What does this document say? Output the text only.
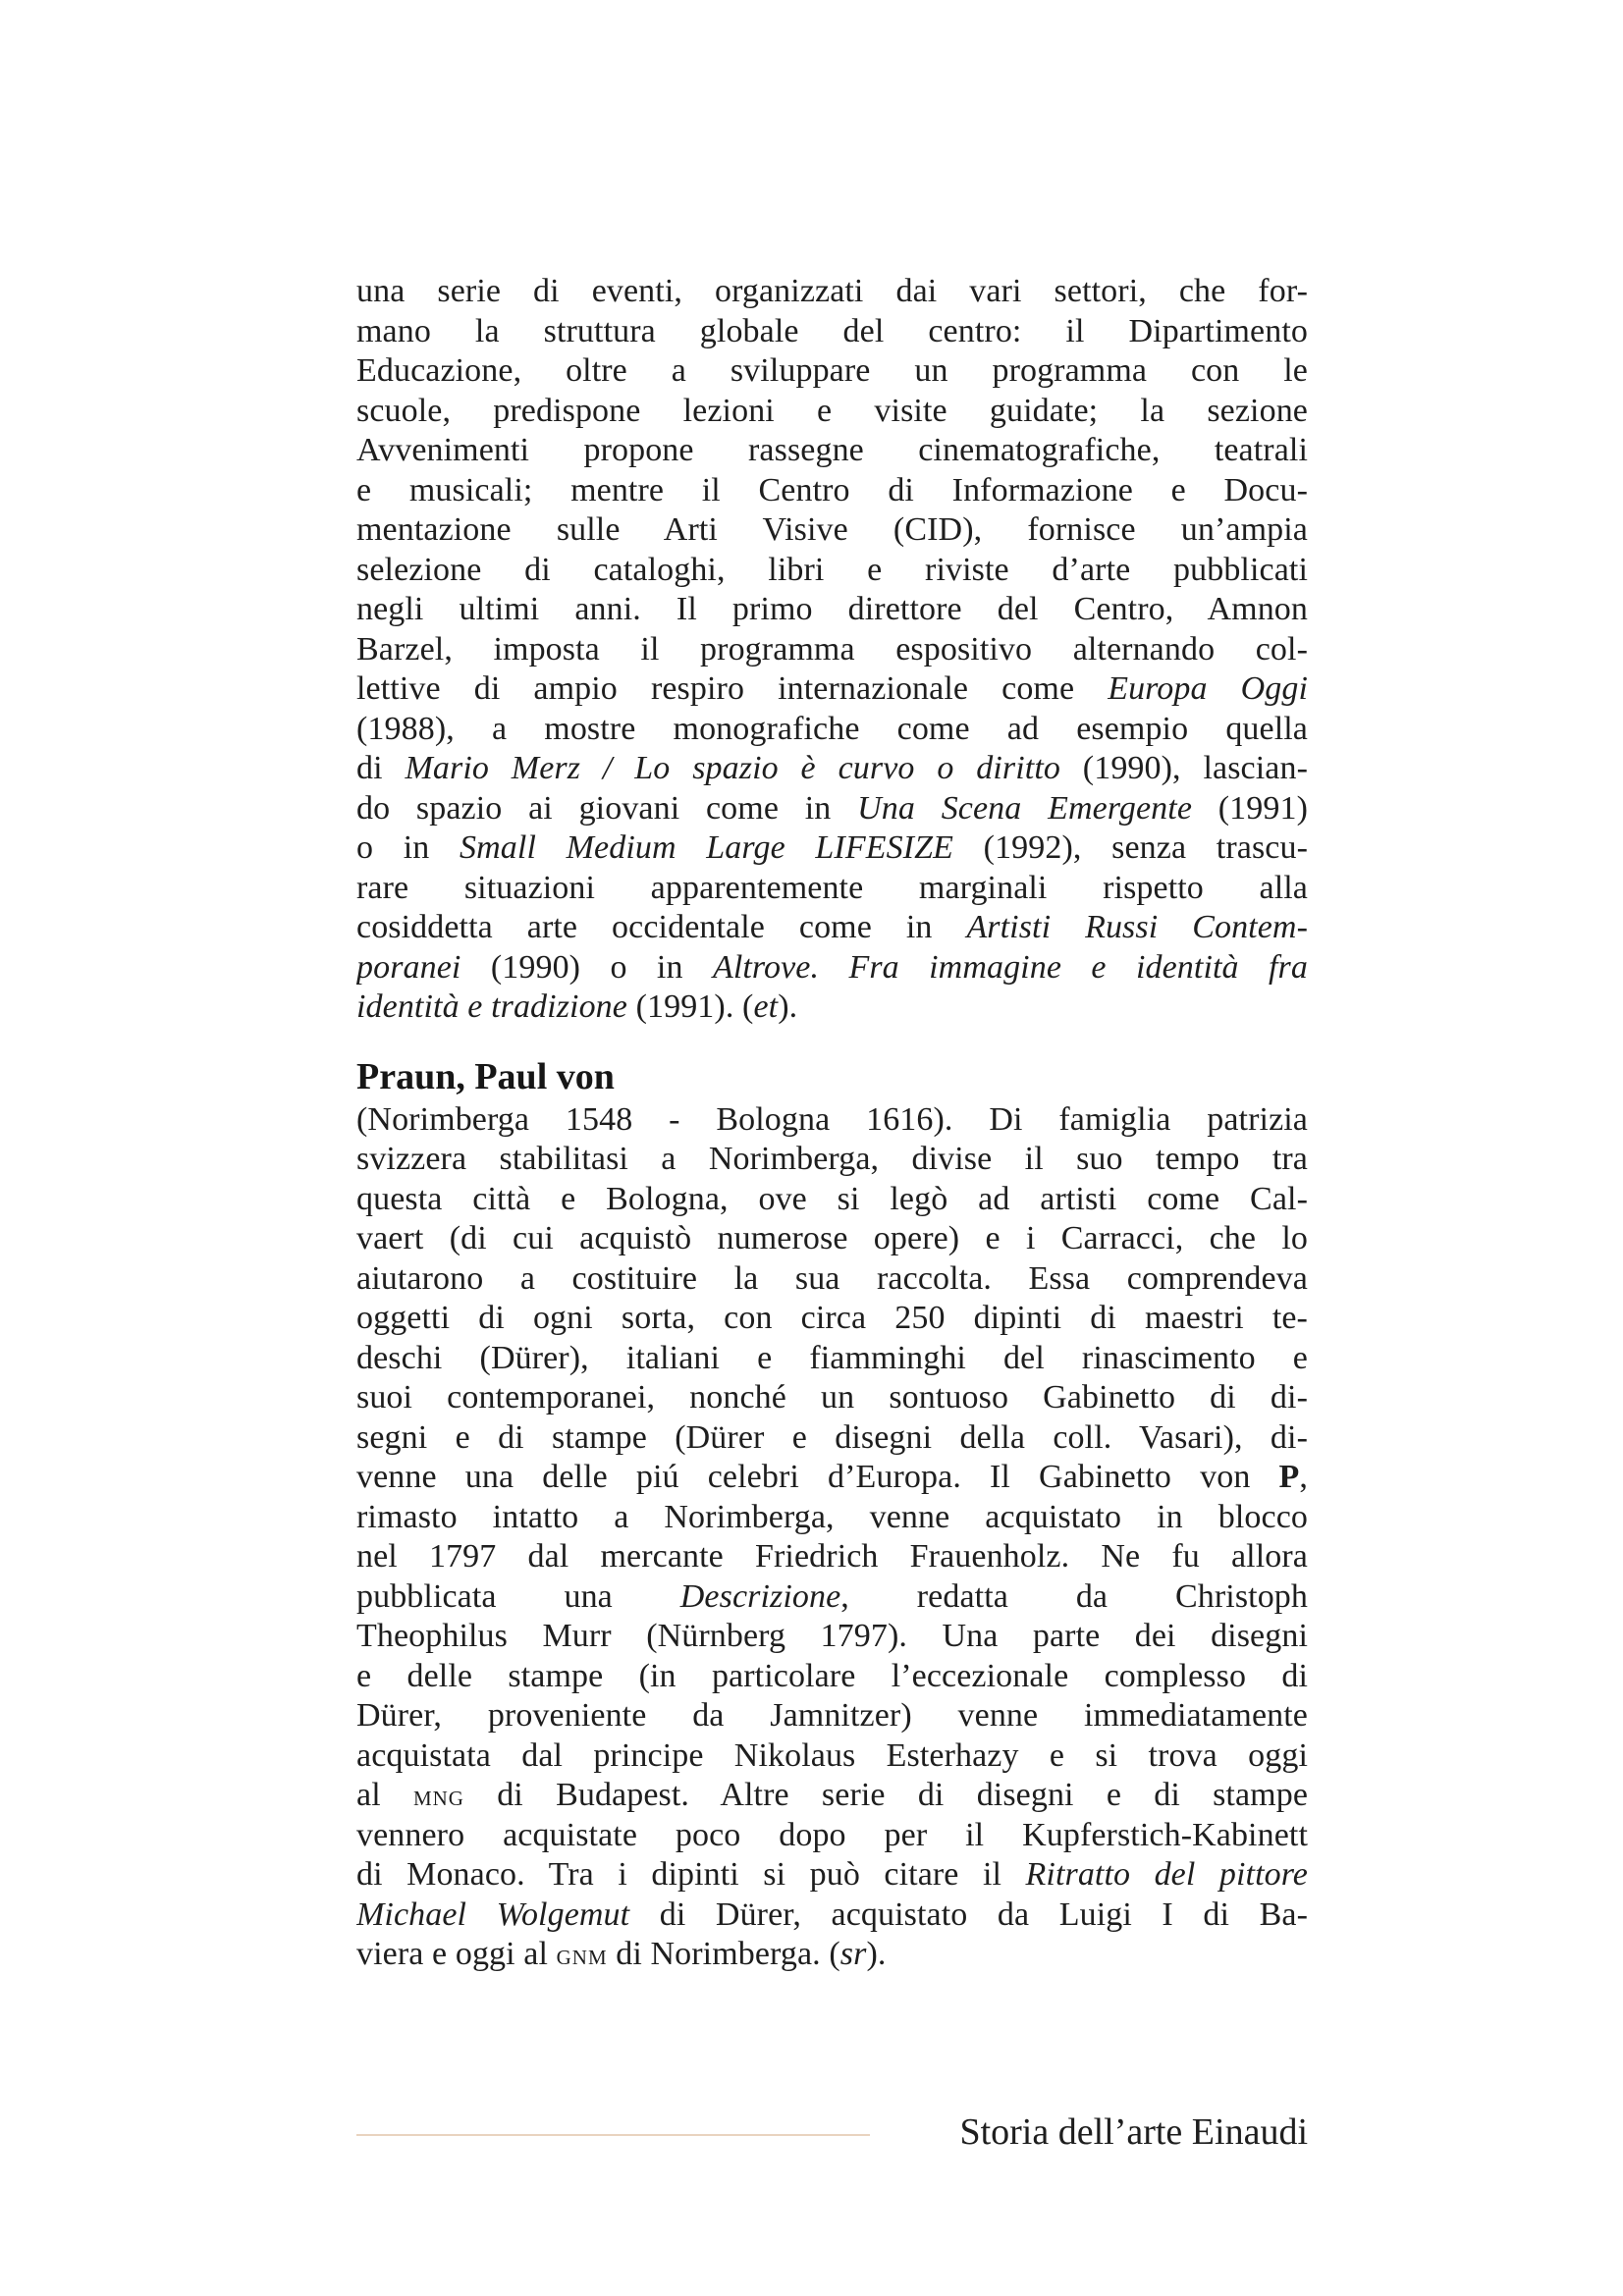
una serie di eventi, organizzati dai vari settori, che for-
mano la struttura globale del centro: il Dipartimento
Educazione, oltre a sviluppare un programma con le
scuole, predispone lezioni e visite guidate; la sezione
Avvenimenti propone rassegne cinematografiche, teatrali
e musicali; mentre il Centro di Informazione e Docu-
mentazione sulle Arti Visive (CID), fornisce un’ampia
selezione di cataloghi, libri e riviste d’arte pubblicati
negli ultimi anni. Il primo direttore del Centro, Amnon
Barzel, imposta il programma espositivo alternando col-
lettive di ampio respiro internazionale come Europa Oggi
(1988), a mostre monografiche come ad esempio quella
di Mario Merz / Lo spazio è curvo o diritto (1990), lascian-
do spazio ai giovani come in Una Scena Emergente (1991)
o in Small Medium Large LIFESIZE (1992), senza trascu-
rare situazioni apparentemente marginali rispetto alla
cosiddetta arte occidentale come in Artisti Russi Contem-
poranei (1990) o in Altrove. Fra immagine e identità fra
identità e tradizione (1991). (et).
Praun, Paul von
(Norimberga 1548 - Bologna 1616). Di famiglia patrizia
svizzera stabilitasi a Norimberga, divise il suo tempo tra
questa città e Bologna, ove si legò ad artisti come Cal-
vaert (di cui acquistò numerose opere) e i Carracci, che lo
aiutarono a costituire la sua raccolta. Essa comprendeva
oggetti di ogni sorta, con circa 250 dipinti di maestri te-
deschi (Dürer), italiani e fiamminghi del rinascimento e
suoi contemporanei, nonché un sontuoso Gabinetto di di-
segni e di stampe (Dürer e disegni della coll. Vasari), di-
venne una delle piú celebri d’Europa. Il Gabinetto von P,
rimasto intatto a Norimberga, venne acquistato in blocco
nel 1797 dal mercante Friedrich Frauenholz. Ne fu allora
pubblicata una Descrizione, redatta da Christoph
Theophilus Murr (Nürnberg 1797). Una parte dei disegni
e delle stampe (in particolare l’eccezionale complesso di
Dürer, proveniente da Jamnitzer) venne immediatamente
acquistata dal principe Nikolaus Esterhazy e si trova oggi
al mng di Budapest. Altre serie di disegni e di stampe
vennero acquistate poco dopo per il Kupferstich-Kabinett
di Monaco. Tra i dipinti si può citare il Ritratto del pittore
Michael Wolgemut di Dürer, acquistato da Luigi I di Ba-
viera e oggi al gnm di Norimberga. (sr).
Storia dell’arte Einaudi
